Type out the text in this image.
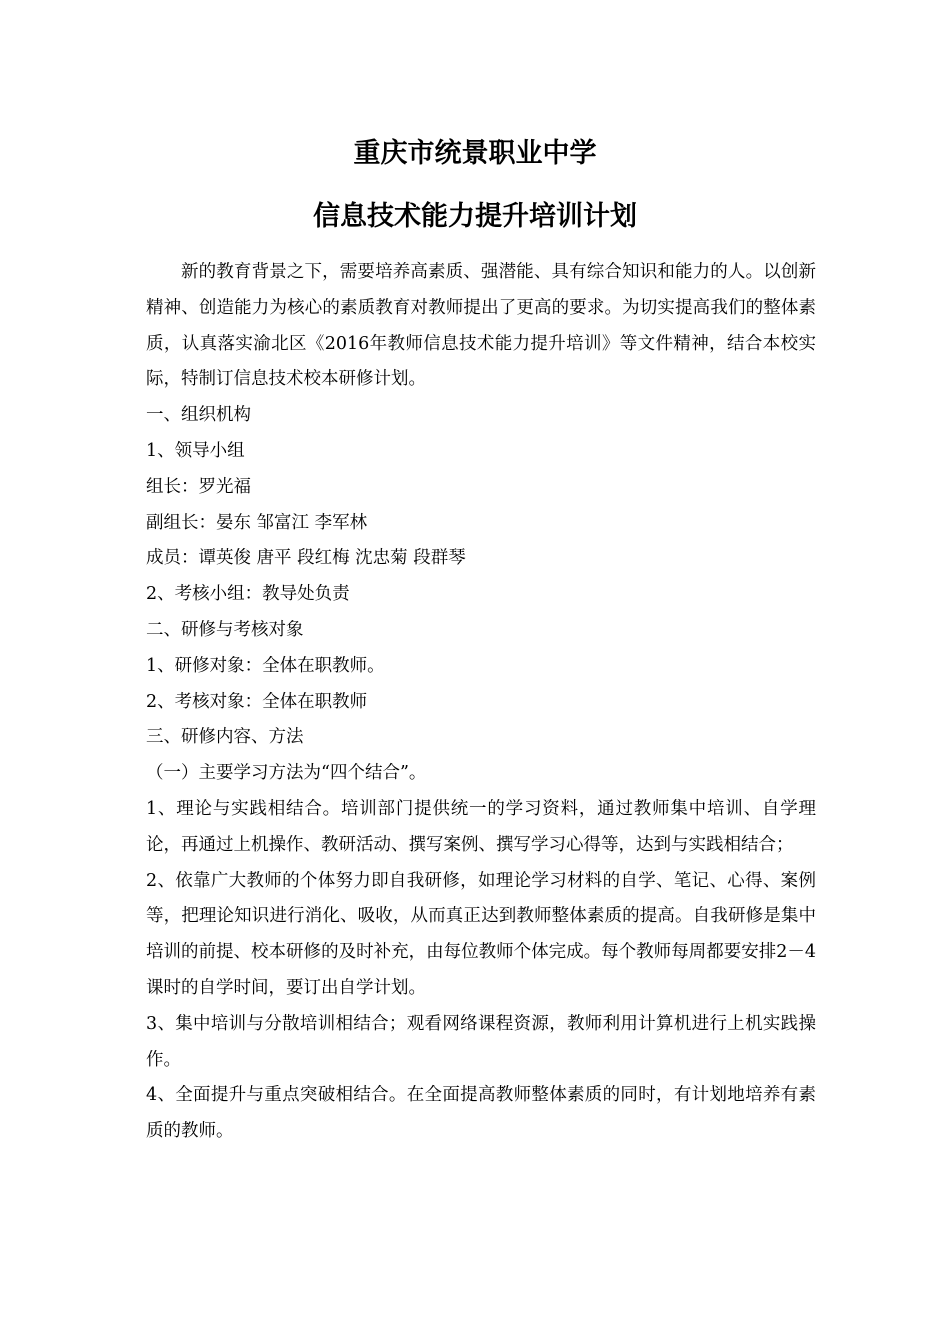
重庆市统景职业中学
信息技术能力提升培训计划

新的教育背景之下，需要培养高素质、强潜能、具有综合知识和能力的人。以创新精神、创造能力为核心的素质教育对教师提出了更高的要求。为切实提高我们的整体素质，认真落实渝北区《2016年教师信息技术能力提升培训》等文件精神，结合本校实际，特制订信息技术校本研修计划。

一、组织机构

1、领导小组

组长：罗光福

副组长：晏东 邹富江 李军林

成员：谭英俊 唐平 段红梅 沈忠菊 段群琴

2、考核小组：教导处负责

二、研修与考核对象

1、研修对象：全体在职教师。

2、考核对象：全体在职教师

三、研修内容、方法

（一）主要学习方法为“四个结合”。

1、理论与实践相结合。培训部门提供统一的学习资料，通过教师集中培训、自学理论，再通过上机操作、教研活动、撰写案例、撰写学习心得等，达到与实践相结合；

2、依靠广大教师的个体努力即自我研修，如理论学习材料的自学、笔记、心得、案例等，把理论知识进行消化、吸收，从而真正达到教师整体素质的提高。自我研修是集中培训的前提、校本研修的及时补充，由每位教师个体完成。每个教师每周都要安排2－4课时的自学时间，要订出自学计划。

3、集中培训与分散培训相结合；观看网络课程资源，教师利用计算机进行上机实践操作。

4、全面提升与重点突破相结合。在全面提高教师整体素质的同时，有计划地培养有素质的教师。
